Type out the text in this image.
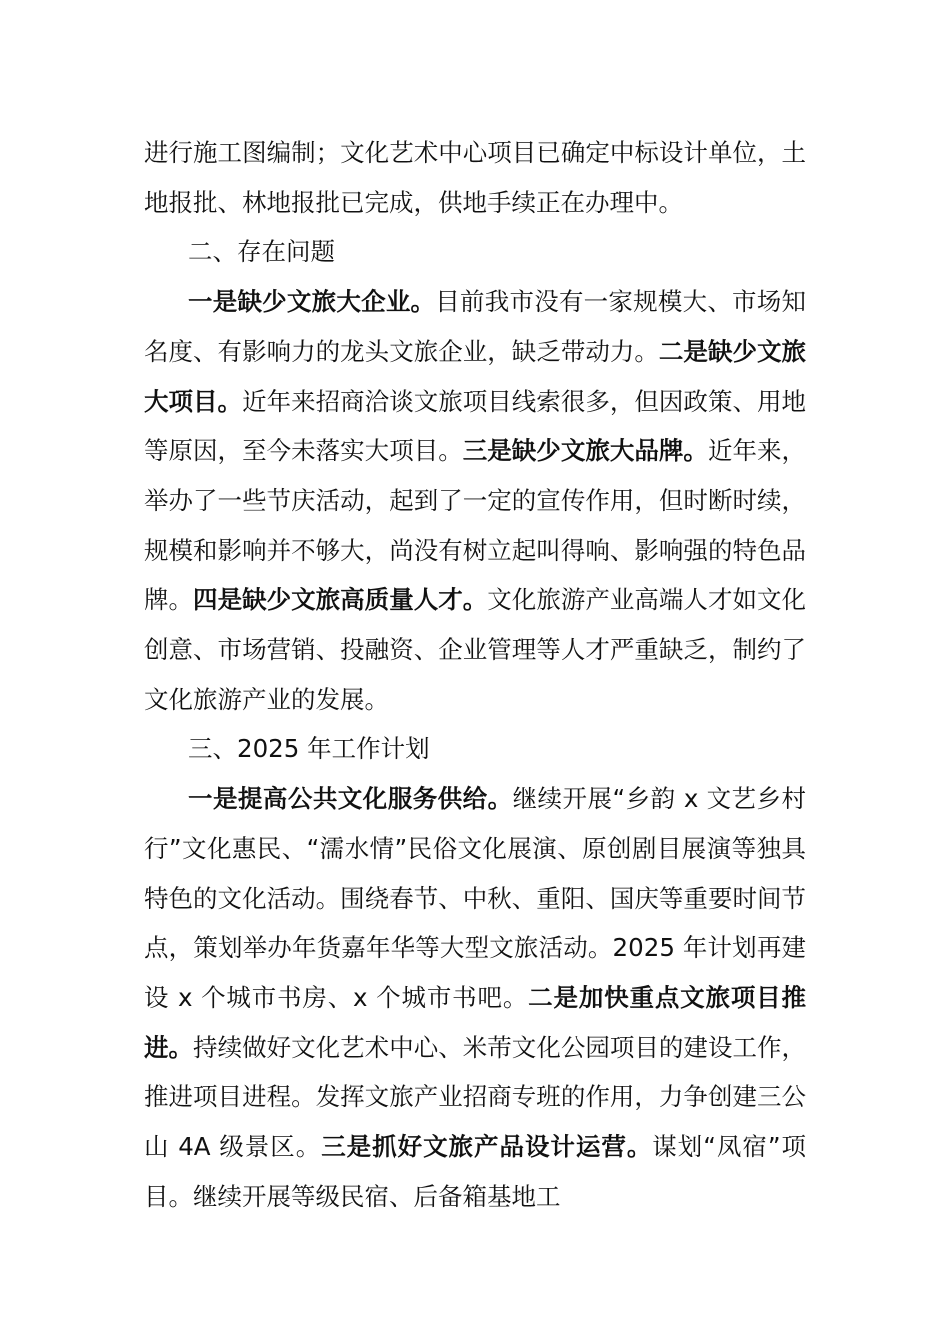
进行施工图编制；文化艺术中心项目已确定中标设计单位，土地报批、林地报批已完成，供地手续正在办理中。

二、存在问题

一是缺少文旅大企业。目前我市没有一家规模大、市场知名度、有影响力的龙头文旅企业，缺乏带动力。二是缺少文旅大项目。近年来招商洽谈文旅项目线索很多，但因政策、用地等原因，至今未落实大项目。三是缺少文旅大品牌。近年来，举办了一些节庆活动，起到了一定的宣传作用，但时断时续，规模和影响并不够大，尚没有树立起叫得响、影响强的特色品牌。四是缺少文旅高质量人才。文化旅游产业高端人才如文化创意、市场营销、投融资、企业管理等人才严重缺乏，制约了文化旅游产业的发展。

三、2025 年工作计划

一是提高公共文化服务供给。继续开展“乡韵 x 文艺乡村行”文化惠民、“濡水情”民俗文化展演、原创剧目展演等独具特色的文化活动。围绕春节、中秋、重阳、国庆等重要时间节点，策划举办年货嘉年华等大型文旅活动。2025 年计划再建设 x 个城市书房、x 个城市书吧。二是加快重点文旅项目推进。持续做好文化艺术中心、米芾文化公园项目的建设工作，推进项目进程。发挥文旅产业招商专班的作用，力争创建三公山 4A 级景区。三是抓好文旅产品设计运营。谋划“凤宿”项目。继续开展等级民宿、后备箱基地工
